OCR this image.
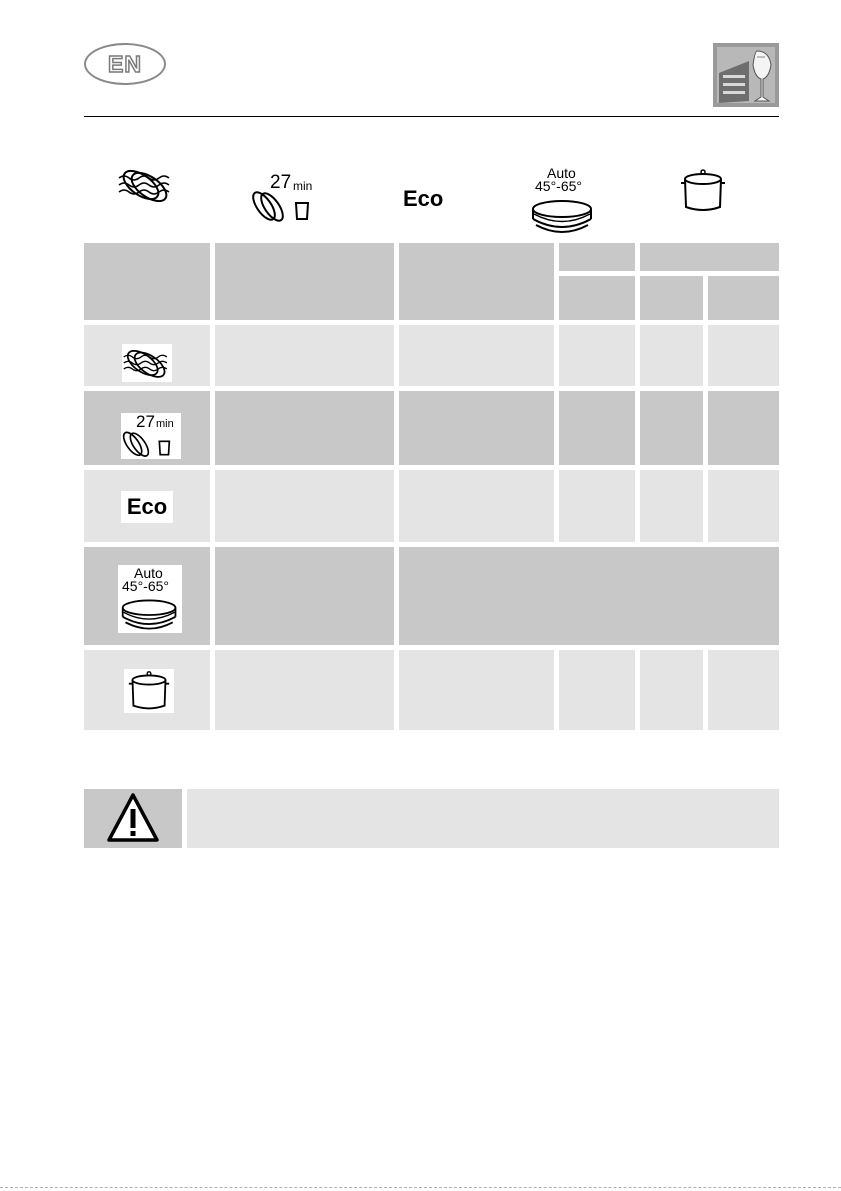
EN
27 min	Eco
Auto
45°-65°
27 min
Eco
Auto
45°-65°
